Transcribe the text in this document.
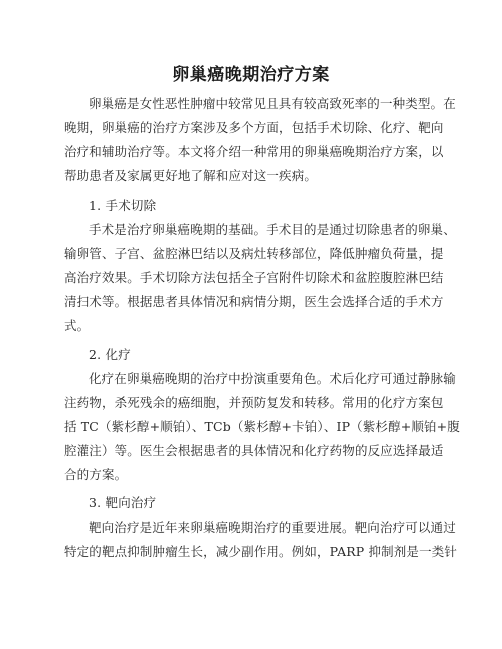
卵巢癌晚期治疗方案
卵巢癌是女性恶性肿瘤中较常见且具有较高致死率的一种类型。在
晚期，卵巢癌的治疗方案涉及多个方面，包括手术切除、化疗、靶向
治疗和辅助治疗等。本文将介绍一种常用的卵巢癌晚期治疗方案，以
帮助患者及家属更好地了解和应对这一疾病。
1. 手术切除
手术是治疗卵巢癌晚期的基础。手术目的是通过切除患者的卵巢、
输卵管、子宫、盆腔淋巴结以及病灶转移部位，降低肿瘤负荷量，提
高治疗效果。手术切除方法包括全子宫附件切除术和盆腔腹腔淋巴结
清扫术等。根据患者具体情况和病情分期，医生会选择合适的手术方
式。
2. 化疗
化疗在卵巢癌晚期的治疗中扮演重要角色。术后化疗可通过静脉输
注药物，杀死残余的癌细胞，并预防复发和转移。常用的化疗方案包
括 TC（紫杉醇+顺铂）、TCb（紫杉醇+卡铂）、IP（紫杉醇+顺铂+腹
腔灌注）等。医生会根据患者的具体情况和化疗药物的反应选择最适
合的方案。
3. 靶向治疗
靶向治疗是近年来卵巢癌晚期治疗的重要进展。靶向治疗可以通过
特定的靶点抑制肿瘤生长，减少副作用。例如，PARP 抑制剂是一类针
